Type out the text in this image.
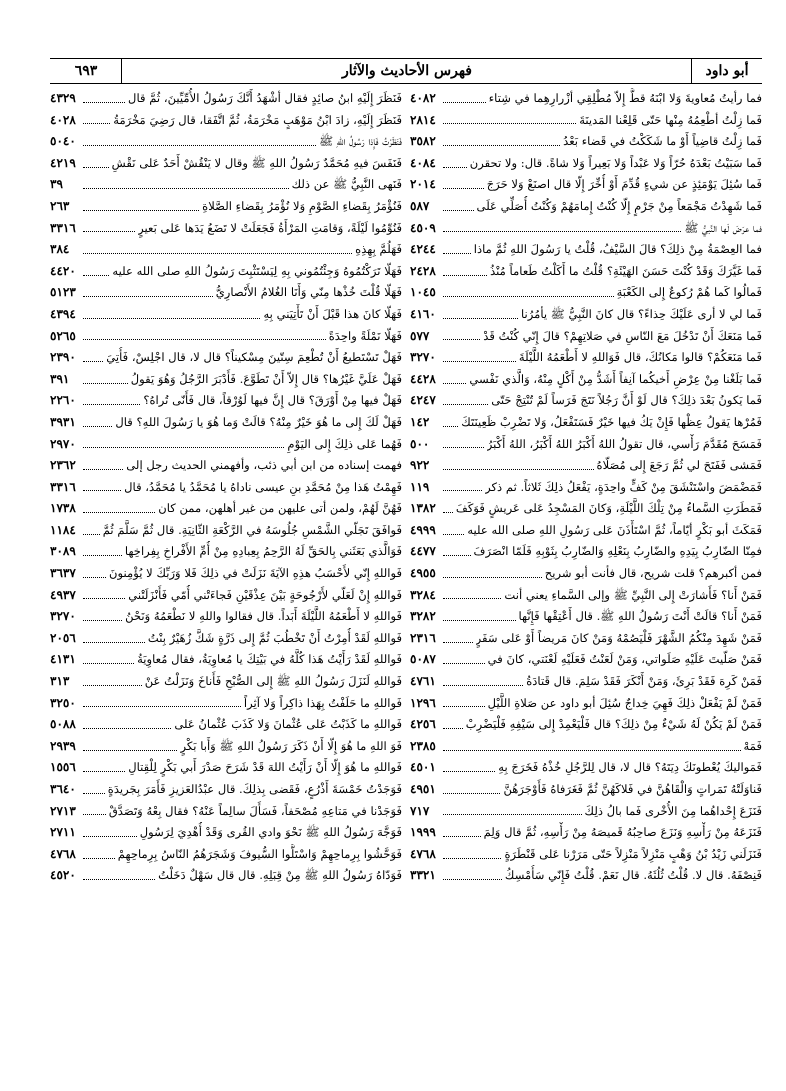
أبو داود
فهرس الأحاديث والآثار
٦٩٣
فما رأيتُ مُعاويةَ وَلا ابْنَهُ قطُّ إِلاّ مُطْلِقِي أزْرارِهِما في شِتاء
٤٠٨٢
فَما زِلْتُ أطْعِمُهُ مِنْها حَتّى قَلِعْنا المَدينَةَ
٢٨١٤
فَما زِلْتُ قاضِياً أَوْ ما شَكَكْتُ في قَضاء بَعْدُ
٣٥٨٢
فَما سَبَيْتُ بَعْدَهُ حُرّاً وَلا عَبْداً وَلا بَعِيراً وَلا شاةً. قال: ولا تحقرن
٤٠٨٤
فَما سُئِلَ يَوْمَئِذٍ عن شيءٍ قُدِّمَ أَوْ أُخِّرَ إِلّا قال اصنَعْ وَلا حَرَجَ
٢٠١٤
فَما شَهِدْتُ مَجْمَعاً مِنْ جَرْمٍ إِلّا كُنْتُ إِمامَهُمْ وَكُنْتُ أُصَلِّي عَلَى
٥٨٧
فما عرَضَ لَها النَّبيُّ ﷺ
٤٥٠٩
فما العِصْمَةُ مِنْ ذلِكَ؟ قالَ السَّيْفُ، قُلْتُ يا رَسُولَ اللهِ ثُمَّ ماذا
٤٢٤٤
فَما غَيَّرَكَ وَقَدْ كُنْتَ حَسَنَ الهَيْئَةِ؟ قُلْتُ ما أَكَلْتُ طَعاماً مُنْذُ
٢٤٢٨
فَمالُوا كَما هُمْ رُكوعٌ إِلى الكَعْبَةِ
١٠٤٥
فَما لي لا أرى عَلَيْكَ حِذاءً؟ قال كانَ النَّبِيُّ ﷺ يأمُرُنا
٤١٦٠
فَما مَنَعَكَ أَنْ تَدْخُلَ مَعَ النّاسِ في صَلاتِهِمْ؟ قالَ إِنّي كُنْتُ قَدْ
٥٧٧
فَما مَنَعَكُمْ؟ قالوا مَكانُكَ، قال فَوَاللهِ لا أَطْعَمُهُ اللَّيْلَةَ
٣٢٧٠
فَما بَلَغْنا مِنْ عِرْضِ أَخيكُما آنِفاً أَشَدُّ مِنْ أَكْلٍ مِنْهُ، وَالَّذي نَفْسي
٤٤٢٨
فَما يَكونُ بَعْدَ ذلِكَ؟ قال لَوْ أَنَّ رَجُلاً نَتَجَ فَرَساً لَمْ تُنْتِجْ حَتّى
٤٢٤٧
فَمُرْها يَقولُ عِظْها فَإِنْ يَكُ فيها خَيْرٌ فَسَتَفْعَلُ، وَلا تَضْرِبْ ظَعِينَتَكَ
١٤٢
فَمَسَحَ مُقَدَّمَ رَأْسي، قال تقولُ اللهُ أَكْبَرُ اللهُ أَكْبَرُ، اللهُ أَكْبَرُ
٥٠٠
فَمَشى فَفَتَحَ لي ثُمَّ رَجَعَ إِلى مُصَلّاهُ
٩٢٢
فَمَضْمَضَ واسْتَنْشَقَ مِنْ كَفٍّ واحِدَةٍ، يَفْعَلُ ذلِكَ ثَلاثاً. ثم ذكر
١١٩
فَمَطَرَتِ السَّماءُ مِنْ تِلْكَ اللَّيْلَةِ، وَكانَ المَسْجِدُ عَلى عَريشٍ فَوَكَفَ
١٣٨٢
فَمَكَثَ أبو بَكْرٍ أيّاماً، ثُمَّ اسْتَأْذَنَ عَلى رَسُولِ اللهِ صلى الله عليه
٤٩٩٩
فمِنّا الضّارِبُ بِيَدِهِ والضّارِبُ بِنَعْلِهِ وَالضّارِبُ بِثَوْبِهِ فَلَمّا انْصَرَفَ
٤٤٧٧
فمن أكبرهم؟ قلت شريح، قال فأنت أبو شريح
٤٩٥٥
فَمَنْ أَنا؟ فَأَشارَتْ إِلى النَّبِيِّ ﷺ وإلى السَّماءِ يعني أنت
٣٢٨٤
فَمَنْ أَنا؟ قالَتْ أَنْتَ رَسُولُ اللهِ ﷺ. قال أَعْتِقْها فَإِنَّها
٣٢٨٢
فَمَنْ شَهِدَ مِنْكُمُ الشَّهْرَ فَلْيَصُمْهُ وَمَنْ كانَ مَريضاً أَوْ عَلى سَفَرٍ
٢٣١٦
فَمَنْ صَلّيتَ عَلَيْهِ صَلَواتي، وَمَنْ لَعَنْتُ فَعَلَيْهِ لَعْنَتي، كانَ في
٥٠٨٧
فَمَنْ كَرِهَ فَقَدْ بَرِئَ، وَمَنْ أَنْكَرَ فَقَدْ سَلِمَ. قال قَتادَةُ
٤٧٦١
فَمَنْ لَمْ يَفْعَلْ ذلِكَ فَهِيَ خِداجٌ سُئِلَ أبو داود عن صَلاةِ اللَّيْلِ
١٢٩٦
فَمَنْ لَمْ يَكُنْ لَهُ شَيْءٌ مِنْ ذلِكَ؟ قال فَلْيَعْمِدْ إِلى سَيْفِهِ فَلْيَضْرِبْ
٤٢٥٦
فَمَهْ
٢٣٨٥
فَمَواليكَ يُعْطونَكَ دِيَتَهُ؟ قال لا، قال لِلرَّجُلِ خُذْهُ فَخَرَجَ بِهِ
٤٥٠١
فَناوَلَتْهُ تَمَراتٍ وَالْقَاهُنَّ في فَلاكَهُنَّ ثُمَّ فَغَرَفاهُ فَأَوْجَرَهُنَّ
٤٩٥١
فَنَزَعَ إِحْداهُما مِنَ الأُخْرى فَما بالُ ذلِكَ
٧١٧
فَنَزَعَهُ مِنْ رَأْسِهِ وَنَزَعَ صاحِبُهُ قَميصَهُ مِنْ رَأْسِهِ، ثُمَّ قال وَلِمَ
١٩٩٩
فَنَزَلَني زَيْدُ بْنُ وَهْبٍ مَنْزِلاً مَنْزِلاً حَتّى مَرَرْنا عَلى قَنْطَرَةٍ
٤٧٦٨
فَنِصْفَهُ. قال لا. قُلْتُ ثُلُثَهُ. قال نَعَمْ. قُلْتُ فَإِنّي سَأُمْسِكُ
٣٣٢١
فَنَظَرَ إِلَيْهِ ابنُ صائِدٍ فقال أشْهَدُ أَنَّكَ رَسُولُ الأُمِّيِّينَ، ثُمَّ قال
٤٣٢٩
فَنَظَرَ إِلَيْهِ، زادَ ابْنُ مَوْهَبٍ مَخْرَمَةُ، ثُمَّ اتَّفَقا، قال رَضِيَ مَخْرَمَةُ
٤٠٢٨
فَنَظَرْتُ فَإِذا رَسُولُ اللهِ ﷺ
٥٠٤٠
فَنَفَسَ فيهِ مُحَمَّدٌ رَسُولُ اللهِ ﷺ وقال لا يَنْقُشْ أَحَدٌ عَلى نَقْشِ
٤٢١٩
فَنَهى النَّبِيُّ ﷺ عن ذلك
٣٩
فَنُؤْمَرُ بِقَضاءِ الصَّوْمِ وَلا نُؤْمَرُ بِقَضاءِ الصَّلاةِ
٢٦٣
فَنُوِّمُوا لَيْلَةً، وَقامَتِ المَرْأَةُ فَجَعَلَتْ لا تَضَعُ يَدَها عَلى بَعيرٍ
٣٣١٦
فَهَلُمَّ بِهِذِهِ
٣٨٤
فَهَلّا تَرَكْتُمُوهُ وَجِئْتُمُوني بِهِ لِيَسْتَثْبِتَ رَسُولُ اللهِ صلى الله عليه
٤٤٢٠
فَهَلّا قُلْتَ خُذْها مِنّي وَأَنَا الغُلامُ الأَنْصارِيُّ
٥١٢٣
فَهَلّا كانَ هذا قَبْلَ أَنْ تَأْتِيَني بِهِ
٤٣٩٤
فَهَلّا نَمْلَةً واحِدَةً
٥٢٦٥
فَهَلْ تَسْتَطيعُ أَنْ تُطْعِمَ سِتّينَ مِسْكيناً؟ قال لا، قال اجْلِسْ، فَأُتِيَ
٢٣٩٠
فَهَلْ عَلَيَّ غَيْرُها؟ قال إِلاّ أَنْ تَطَوَّعَ. فَأَدْبَرَ الرَّجُلُ وَهُوَ يَقولُ
٣٩١
فَهَلْ فيها مِنْ أَوْرَقَ؟ قال إِنَّ فيها لَوُرْقاً، قال فَأَنّى تُراهُ؟
٢٢٦٠
فَهَلْ لَكَ إِلى ما هُوَ خَيْرٌ مِنْهُ؟ قالَتْ وَما هُوَ يا رَسُولَ اللهِ؟ قال
٣٩٣١
فَهُما عَلى ذلِكَ إِلى اليَوْمِ
٢٩٧٠
فهمت إسناده من ابن أبي ذئب، وأفهمني الحديث رجل إلى
٢٣٦٢
فَهِمْتُ هَذا مِنْ مُحَمَّدِ بنِ عيسى ناداهُ يا مُحَمَّدُ يا مُحَمَّدُ، قال
٣٣١٦
فَهُنَّ لَهُمْ، ولمن أتى عليهن من غير أهلهن، ممن كان
١٧٣٨
فَوافَقَ تَجَلّي الشَّمْسِ جُلُوسَهُ في الرَّكْعَةِ الثّانِيَةِ. قال ثُمَّ سَلَّمَ ثُمَّ
١١٨٤
فَوَالَّذي بَعَثَني بِالحَقِّ لَهُ الرَّحِمُ بِعِبادِهِ مِنْ أُمِّ الأَفْراخِ بِفِراخِها
٣٠٨٩
فَواللهِ إِنّي لأَحْسَبُ هذِهِ الآيَةَ نَزَلَتْ في ذلِكَ فَلا وَرَبِّكَ لا يُؤْمِنونَ
٣٦٣٧
فَواللهِ إِنْ لَعَلّي لأَرْجُوحَةٍ بَيْنَ عِذْقَيْنِ فَجاءَتْني أُمّي فَأَنْزَلَتْني
٤٩٣٧
فَواللهِ لا أَطْعَمُهُ اللَّيْلَةَ أَبَداً. قال فقالوا واللهِ لا نَطْعَمُهُ وَنَحْنُ
٣٢٧٠
فَواللهِ لَقَدْ أُمِرْتُ أَنْ تَخْطُبَ ثُمَّ إِلى ذَرَّةٍ شَكَّ زُهَيْرٌ بِنْتُ
٢٠٥٦
فَواللهِ لَقَدْ رَأَيْتُ هَذا كُلَّهُ في بَيْتِكَ يا مُعاوِيَةُ، فقال مُعاوِيَةُ
٤١٣١
فَواللهِ لَنَزَلَ رَسُولُ اللهِ ﷺ إِلى الصُّبْحِ فَأَناخَ وَنَزَلْتُ عَنْ
٣١٣
فَواللهِ ما حَلَفْتُ بِهَذا ذاكِراً وَلا آثِراً
٣٢٥٠
فَواللهِ ما كَذَبْتُ عَلى عُثْمانَ وَلا كَذَبَ عُثْمانُ عَلى
٥٠٨٨
فَوَ اللهِ ما هُوَ إِلّا أَنْ ذَكَرَ رَسُولُ اللهِ ﷺ وَأَبا بَكْرٍ
٢٩٣٩
فَواللهِ ما هُوَ إِلّا أَنْ رَأَيْتُ اللهَ قَدْ شَرَحَ صَدْرَ أَبي بَكْرٍ لِلْقِتالِ
١٥٥٦
فَوَجَدْتُ خَمْسَةَ أَذْرُعٍ، فَقَضى بِذلِكَ. قال عبْدُالعَزيزِ فَأَمَرَ بِجَريدَةٍ
٣٦٤٠
فَوَجَدْنا في مَتاعِهِ مُصْحَفاً، فَسَأَلَ سالِماً عَنْهُ؟ فقال بِعْهُ وَتَصَدَّقْ
٢٧١٣
فَوَجَّهَ رَسُولُ اللهِ ﷺ نَحْوَ وادي القُرى وَقَدْ أُهْدِيَ لِرَسُولِ
٢٧١١
فَوَحَّشُوا بِرِماحِهِمْ وَاسْتَلُّوا السُّيوفَ وَشَجَرَهُمُ النّاسُ بِرِماحِهِمْ
٤٧٦٨
فَوَدّاهُ رَسُولُ اللهِ ﷺ مِنْ قِبَلِهِ. قال قال سَهْلٌ دَخَلْتُ
٤٥٢٠
